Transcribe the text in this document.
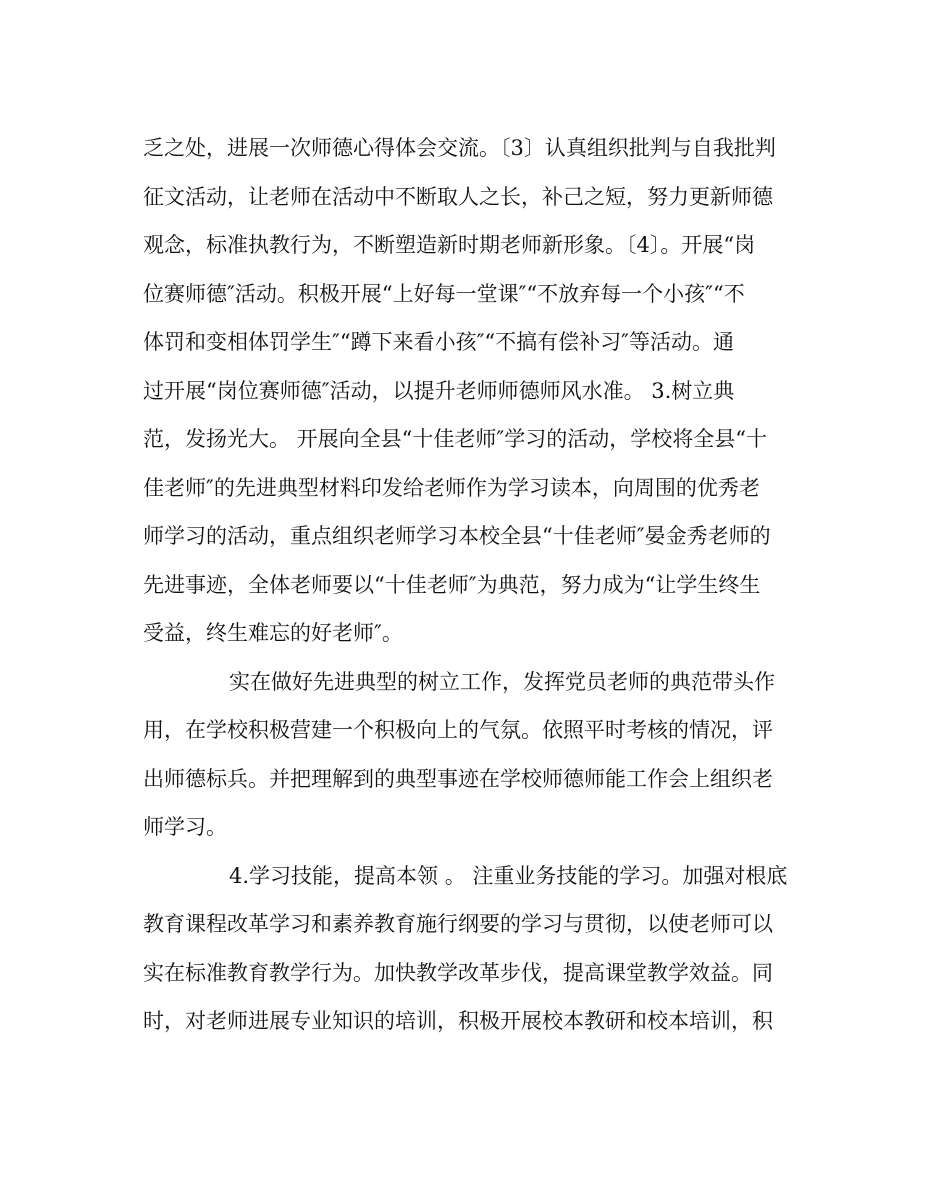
乏之处，进展一次师德心得体会交流。〔3〕认真组织批判与自我批判
征文活动，让老师在活动中不断取人之长，补己之短，努力更新师德
观念，标准执教行为，不断塑造新时期老师新形象。〔4〕。开展“岗
位赛师德″活动。积极开展“上好每一堂课″“不放弃每一个小孩″“不
体罚和变相体罚学生″“蹲下来看小孩″“不搞有偿补习″等活动。通
过开展“岗位赛师德″活动，以提升老师师德师风水准。 3.树立典
范，发扬光大。 开展向全县“十佳老师″学习的活动，学校将全县“十
佳老师″的先进典型材料印发给老师作为学习读本，向周围的优秀老
师学习的活动，重点组织老师学习本校全县“十佳老师″晏金秀老师的
先进事迹，全体老师要以“十佳老师″为典范，努力成为“让学生终生
受益，终生难忘的好老师″。
实在做好先进典型的树立工作，发挥党员老师的典范带头作
用，在学校积极营建一个积极向上的气氛。依照平时考核的情况，评
出师德标兵。并把理解到的典型事迹在学校师德师能工作会上组织老
师学习。
4.学习技能，提高本领 。 注重业务技能的学习。加强对根底
教育课程改革学习和素养教育施行纲要的学习与贯彻，以使老师可以
实在标准教育教学行为。加快教学改革步伐，提高课堂教学效益。同
时，对老师进展专业知识的培训，积极开展校本教研和校本培训，积
